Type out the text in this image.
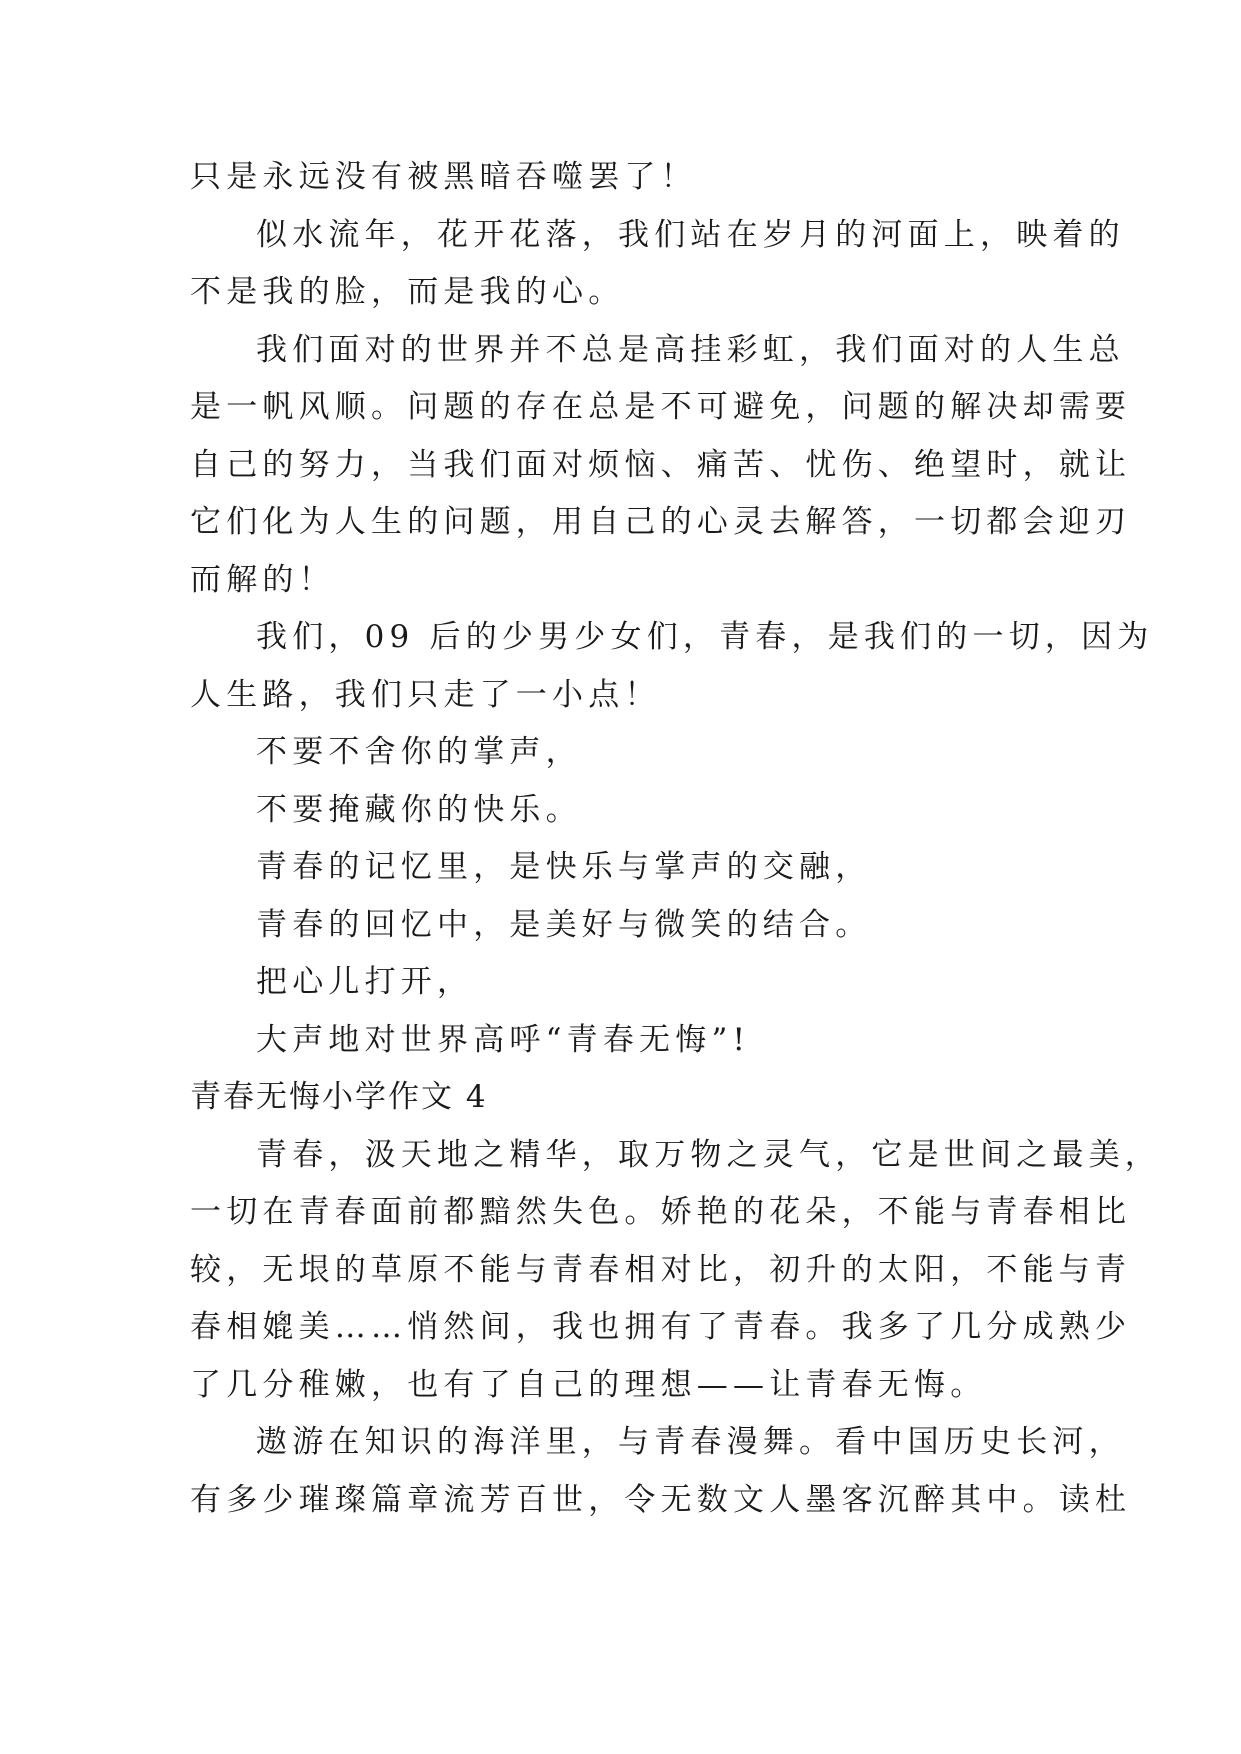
只是永远没有被黑暗吞噬罢了！
似水流年，花开花落，我们站在岁月的河面上，映着的
不是我的脸，而是我的心。
我们面对的世界并不总是高挂彩虹，我们面对的人生总
是一帆风顺。问题的存在总是不可避免，问题的解决却需要
自己的努力，当我们面对烦恼、痛苦、忧伤、绝望时，就让
它们化为人生的问题，用自己的心灵去解答，一切都会迎刃
而解的！
我们，09 后的少男少女们，青春，是我们的一切，因为
人生路，我们只走了一小点！
不要不舍你的掌声，
不要掩藏你的快乐。
青春的记忆里，是快乐与掌声的交融，
青春的回忆中，是美好与微笑的结合。
把心儿打开，
大声地对世界高呼“青春无悔”!
青春无悔小学作文 4
青春，汲天地之精华，取万物之灵气，它是世间之最美，
一切在青春面前都黯然失色。娇艳的花朵，不能与青春相比
较，无垠的草原不能与青春相对比，初升的太阳，不能与青
春相媲美……悄然间，我也拥有了青春。我多了几分成熟少
了几分稚嫩，也有了自己的理想——让青春无悔。
遨游在知识的海洋里，与青春漫舞。看中国历史长河，
有多少璀璨篇章流芳百世，令无数文人墨客沉醉其中。读杜
